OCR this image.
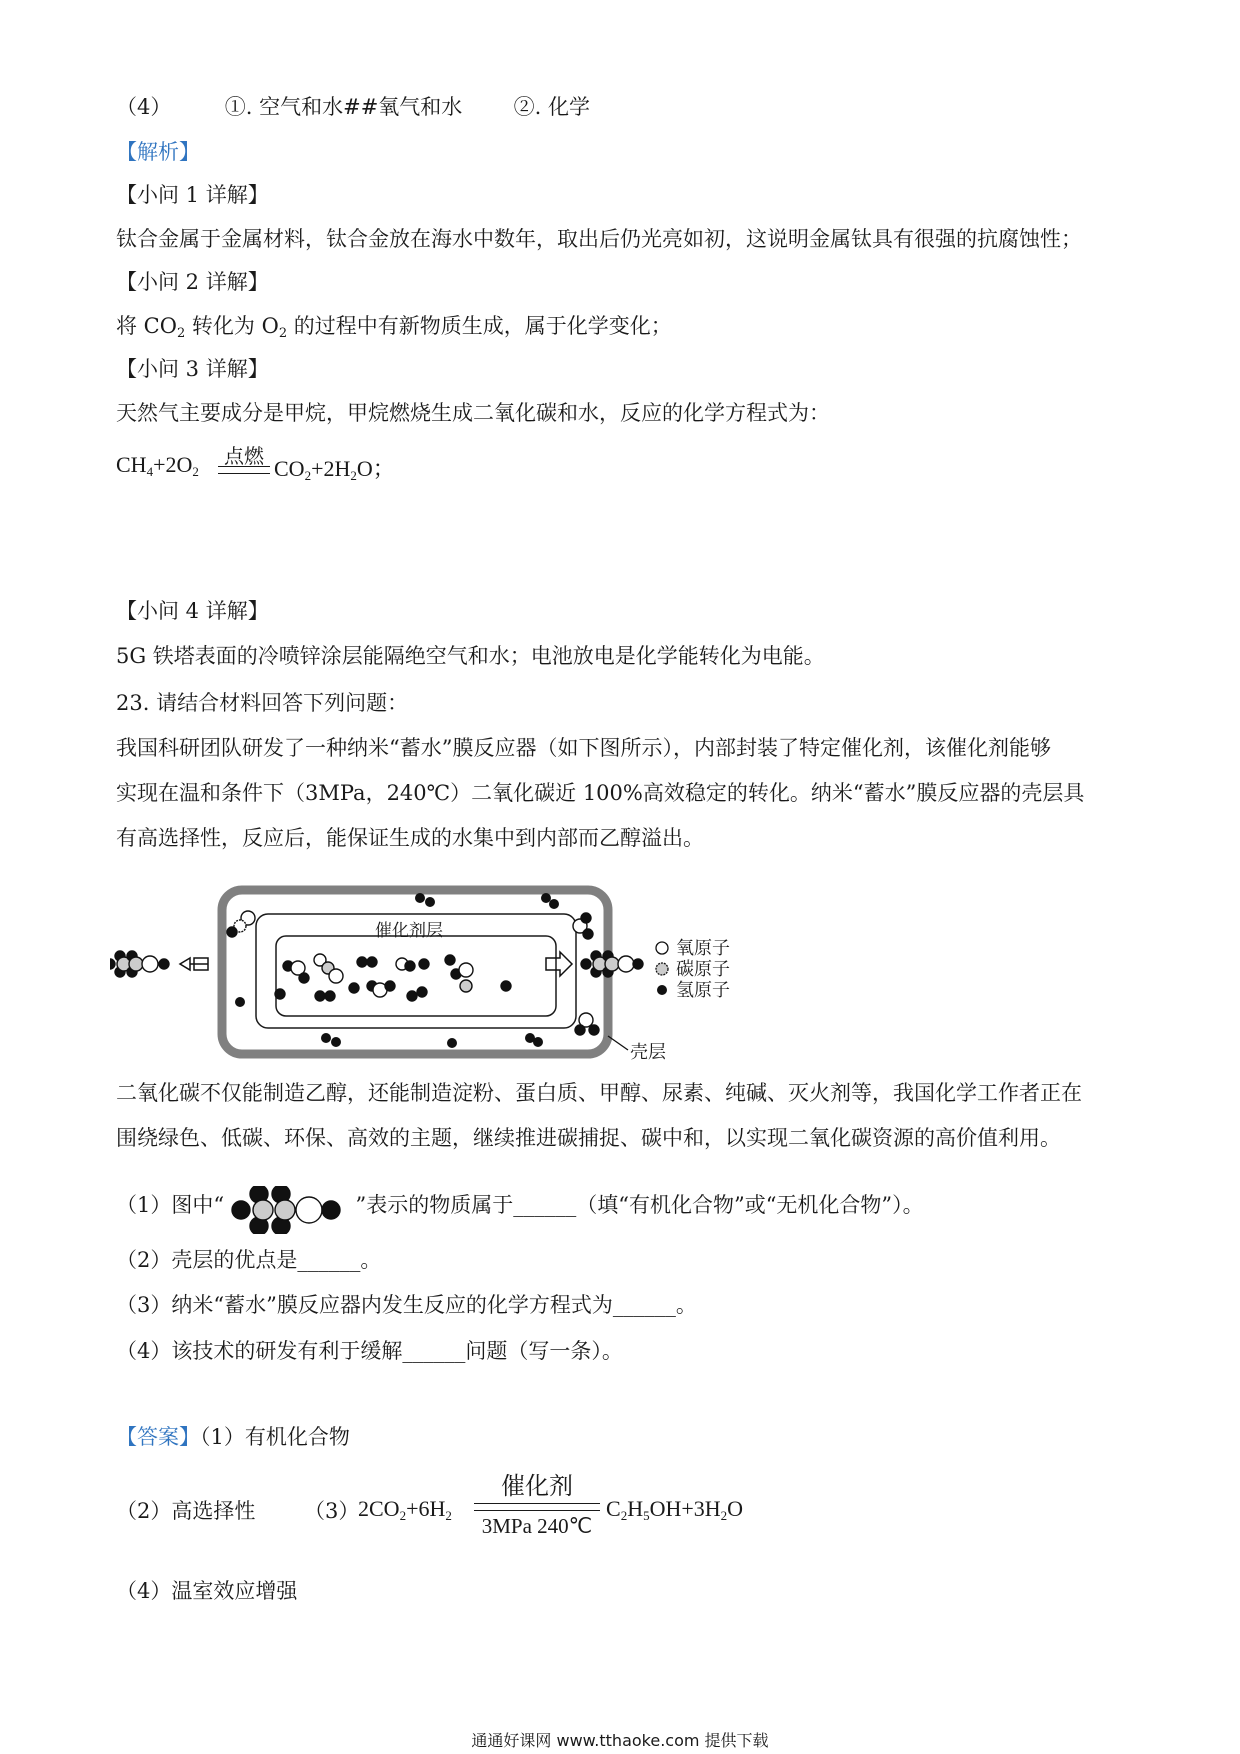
（4）	①. 空气和水##氧气和水 ②. 化学
【解析】
【小问 1 详解】
钛合金属于金属材料，钛合金放在海水中数年，取出后仍光亮如初，这说明金属钛具有很强的抗腐蚀性；
【小问 2 详解】
将 $CO_2$ 转化为 $O_2$ 的过程中有新物质生成，属于化学变化；
【小问 3 详解】
天然气主要成分是甲烷，甲烷燃烧生成二氧化碳和水，反应的化学方程式为：
$CH_4+2O_2$
点燃 $CO_2+2H_2O$；
【小问 4 详解】
5G 铁塔表面的冷喷锌涂层能隔绝空气和水；电池放电是化学能转化为电能。
23. 请结合材料回答下列问题：
我国科研团队研发了一种纳米“蓄水”膜反应器（如下图所示），内部封装了特定催化剂，该催化剂能够
实现在温和条件下（3MPa，240℃）二氧化碳近 100%高效稳定的转化。纳米“蓄水”膜反应器的壳层具
有高选择性，反应后，能保证生成的水集中到内部而乙醇溢出。
催化剂层
氧原子
碳原子
氢原子
壳层
二氧化碳不仅能制造乙醇，还能制造淀粉、蛋白质、甲醇、尿素、纯碱、灭火剂等，我国化学工作者正在
围绕绿色、低碳、环保、高效的主题，继续推进碳捕捉、碳中和，以实现二氧化碳资源的高价值利用。
（1）图中“	”表示的物质属于______（填“有机化合物”或“无机化合物”）。
（2）壳层的优点是______。
（3）纳米“蓄水”膜反应器内发生反应的化学方程式为______。
（4）该技术的研发有利于缓解______问题（写一条）。
【答案】（1）有机化合物
（2）高选择性 （3）
$2CO_2+6H_2$
催化剂
3MPa 240℃
$C_2H_5OH+3H_2O$
（4）温室效应增强
通通好课网 www.tthaoke.com 提供下载
